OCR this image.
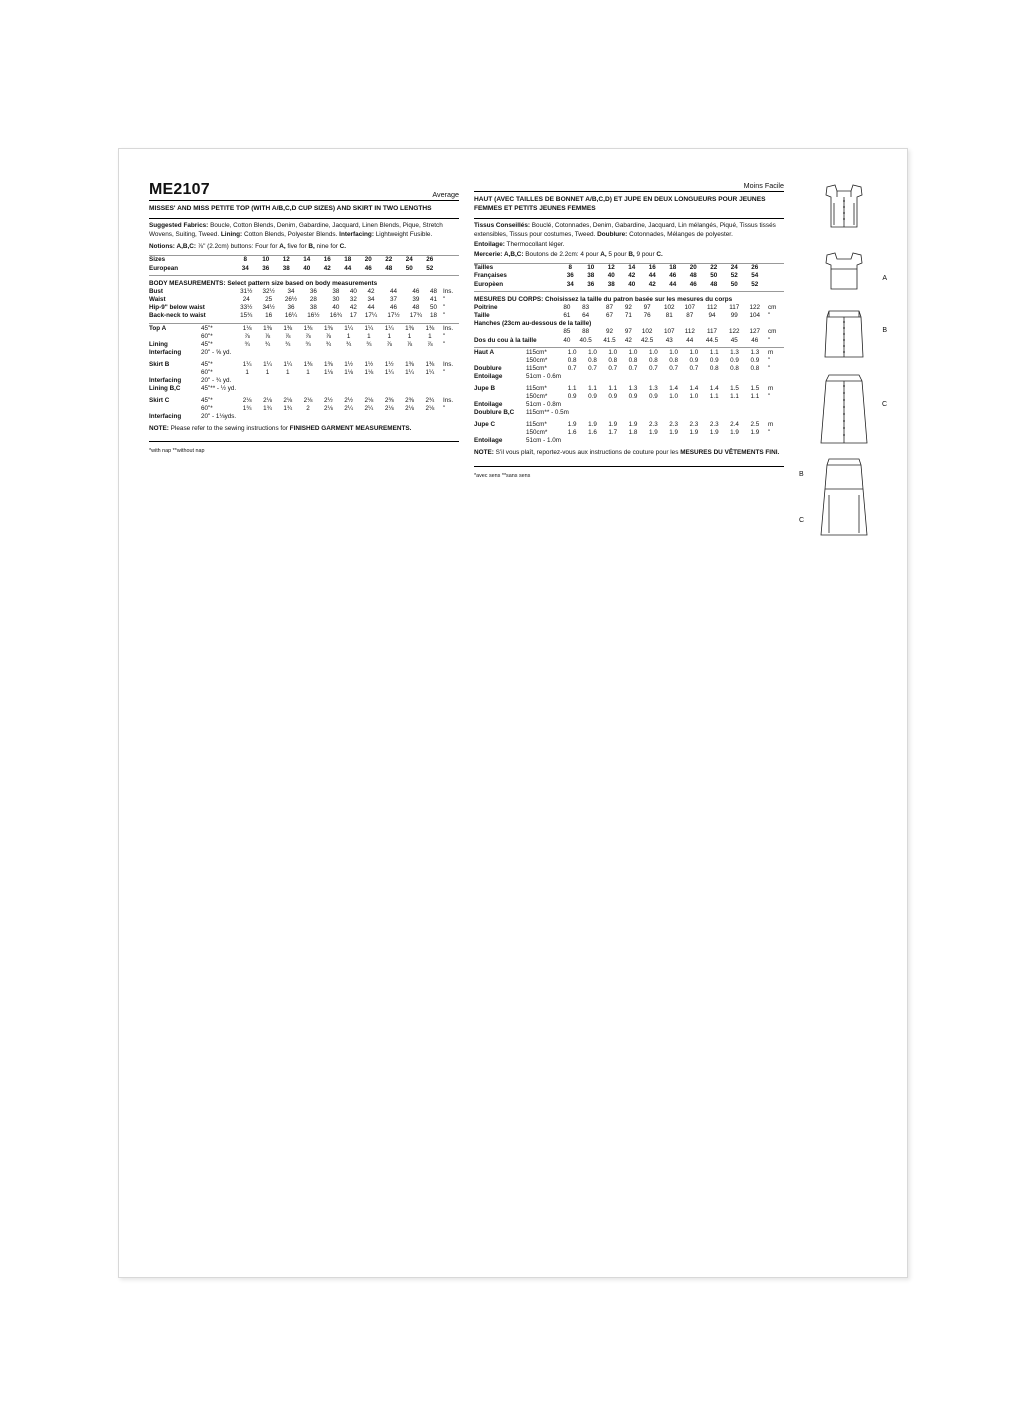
ME2107	Average
MISSES' AND MISS PETITE TOP (WITH A/B,C,D CUP SIZES) AND SKIRT IN TWO LENGTHS

Suggested Fabrics: Boucle, Cotton Blends, Denim, Gabardine, Jacquard, Linen Blends, Pique, Stretch Wovens, Suiting, Tweed. Lining: Cotton Blends, Polyester Blends. Interfacing: Lightweight Fusible.

Notions: A,B,C: ⅞" (2.2cm) buttons: Four for A, five for B, nine for C.

Sizes	8	10	12	14	16	18	20	22	24	26	
European	34	36	38	40	42	44	46	48	50	52	
BODY MEASUREMENTS: Select pattern size based on body measurements
Bust	31½	32½	34	36	38	40	42	44	46	48	Ins.
Waist	24	25	26½	28	30	32	34	37	39	41	"
Hip-9" below waist	33½	34½	36	38	40	42	44	46	48	50	"
Back-neck to waist	15¾	16	16¼	16½	16¾	17	17¼	17½	17¾	18	"
Top A	45"*	1⅛	1⅜	1⅜	1⅜	1⅜	1¼	1¼	1¼	1⅜	1⅜	Ins.
	60"*	⅞	⅞	⅞	⅞	⅞	1	1	1	1	1	"
Lining	45"*	¾	¾	¾	¾	¾	¾	¾	⅞	⅞	⅞	"
Interfacing	20" - ⅝ yd.											
Skirt B	45"*	1¼	1¼	1¼	1⅜	1⅜	1½	1½	1½	1⅜	1⅜	Ins.
	60"*	1	1	1	1	1⅛	1⅛	1⅛	1¼	1¼	1¼	"
Interfacing	20" - ¾ yd.											
Lining B,C	45"** - ½ yd.											
Skirt C	45"*	2⅛	2⅛	2⅛	2⅛	2½	2½	2⅛	2⅜	2⅜	2¾	Ins.
	60"*	1¾	1¾	1¾	2	2⅛	2¼	2¼	2⅛	2⅛	2⅛	"
Interfacing	20" - 1⅛yds.											
NOTE: Please refer to the sewing instructions for FINISHED GARMENT MEASUREMENTS.
*with nap **without nap
Moins Facile
HAUT (AVEC TAILLES DE BONNET A/B,C,D) ET JUPE EN DEUX LONGUEURS POUR JEUNES FEMMES ET PETITS JEUNES FEMMES

Tissus Conseillés: Bouclé, Cotonnades, Denim, Gabardine, Jacquard, Lin mélangés, Piqué, Tissus tissés extensibles, Tissus pour costumes, Tweed. Doublure: Cotonnades, Mélanges de polyester.

Entoilage: Thermocollant léger.

Mercerie: A,B,C: Boutons de 2.2cm: 4 pour A, 5 pour B, 9 pour C.

Tailles	8	10	12	14	16	18	20	22	24	26	
Françaises	36	38	40	42	44	46	48	50	52	54	
Europèen	34	36	38	40	42	44	46	48	50	52	
MESURES DU CORPS: Choisissez la taille du patron basée sur les mesures du corps
Poitrine	80	83	87	92	97	102	107	112	117	122	cm
Taille	61	64	67	71	76	81	87	94	99	104	"
Hanches (23cm au-dessous de la taille)											
	85	88	92	97	102	107	112	117	122	127	cm
Dos du cou à la taille	40	40.5	41.5	42	42.5	43	44	44.5	45	46	"
Haut A	115cm*	1.0	1.0	1.0	1.0	1.0	1.0	1.0	1.1	1.3	1.3	m
	150cm*	0.8	0.8	0.8	0.8	0.8	0.8	0.9	0.9	0.9	0.9	"
Doublure	115cm*	0.7	0.7	0.7	0.7	0.7	0.7	0.7	0.8	0.8	0.8	"
Entoilage	51cm - 0.6m											
Jupe B	115cm*	1.1	1.1	1.1	1.3	1.3	1.4	1.4	1.4	1.5	1.5	m
	150cm*	0.9	0.9	0.9	0.9	0.9	1.0	1.0	1.1	1.1	1.1	"
Entoilage	51cm - 0.8m											
Doublure B,C	115cm** - 0.5m											
Jupe C	115cm*	1.9	1.9	1.9	1.9	2.3	2.3	2.3	2.3	2.4	2.5	m
	150cm*	1.6	1.6	1.7	1.8	1.9	1.9	1.9	1.9	1.9	1.9	"
Entoilage	51cm - 1.0m											
NOTE: S'il vous plaît, reportez-vous aux instructions de couture pour les MESURES DU VÊTEMENTS FINI.
*avec sens **sans sens
A
B
C
B
C
